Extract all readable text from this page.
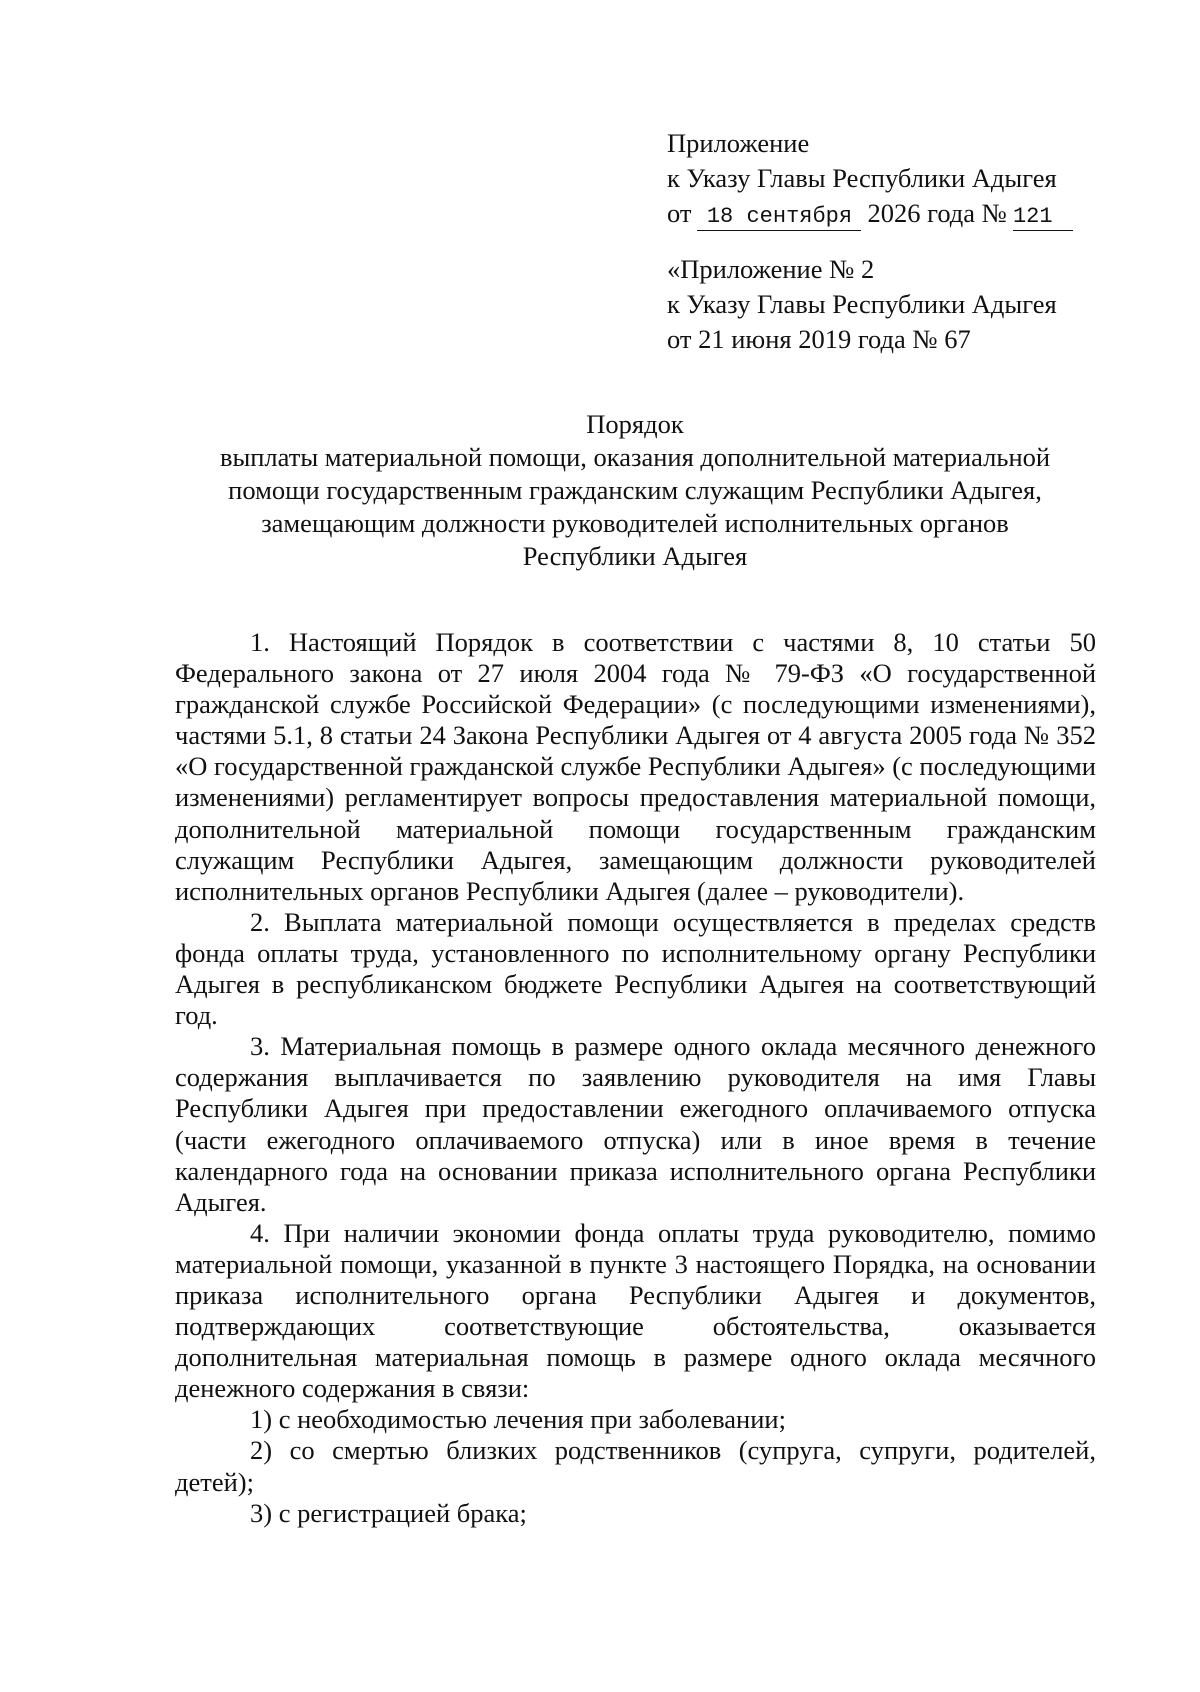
Приложение
к Указу Главы Республики Адыгея
от 18 сентября 2026 года № 121
«Приложение № 2
к Указу Главы Республики Адыгея
от 21 июня 2019 года № 67
Порядок
выплаты материальной помощи, оказания дополнительной материальной
помощи государственным гражданским служащим Республики Адыгея,
замещающим должности руководителей исполнительных органов
Республики Адыгея

1. Настоящий Порядок в соответствии с частями 8, 10 статьи 50 Федерального закона от 27 июля 2004 года № 79-ФЗ «О государственной гражданской службе Российской Федерации» (с последующими изменениями), частями 5.1, 8 статьи 24 Закона Республики Адыгея от 4 августа 2005 года № 352 «О государственной гражданской службе Республики Адыгея» (с последующими изменениями) регламентирует вопросы предоставления материальной помощи, дополнительной материальной помощи государственным гражданским служащим Республики Адыгея, замещающим должности руководителей исполнительных органов Республики Адыгея (далее – руководители).

2. Выплата материальной помощи осуществляется в пределах средств фонда оплаты труда, установленного по исполнительному органу Республики Адыгея в республиканском бюджете Республики Адыгея на соответствующий год.

3. Материальная помощь в размере одного оклада месячного денежного содержания выплачивается по заявлению руководителя на имя Главы Республики Адыгея при предоставлении ежегодного оплачиваемого отпуска (части ежегодного оплачиваемого отпуска) или в иное время в течение календарного года на основании приказа исполнительного органа Республики Адыгея.

4. При наличии экономии фонда оплаты труда руководителю, помимо материальной помощи, указанной в пункте 3 настоящего Порядка, на основании приказа исполнительного органа Республики Адыгея и документов, подтверждающих соответствующие обстоятельства, оказывается дополнительная материальная помощь в размере одного оклада месячного денежного содержания в связи:

1) с необходимостью лечения при заболевании;

2) со смертью близких родственников (супруга, супруги, родителей, детей);

3) с регистрацией брака;
